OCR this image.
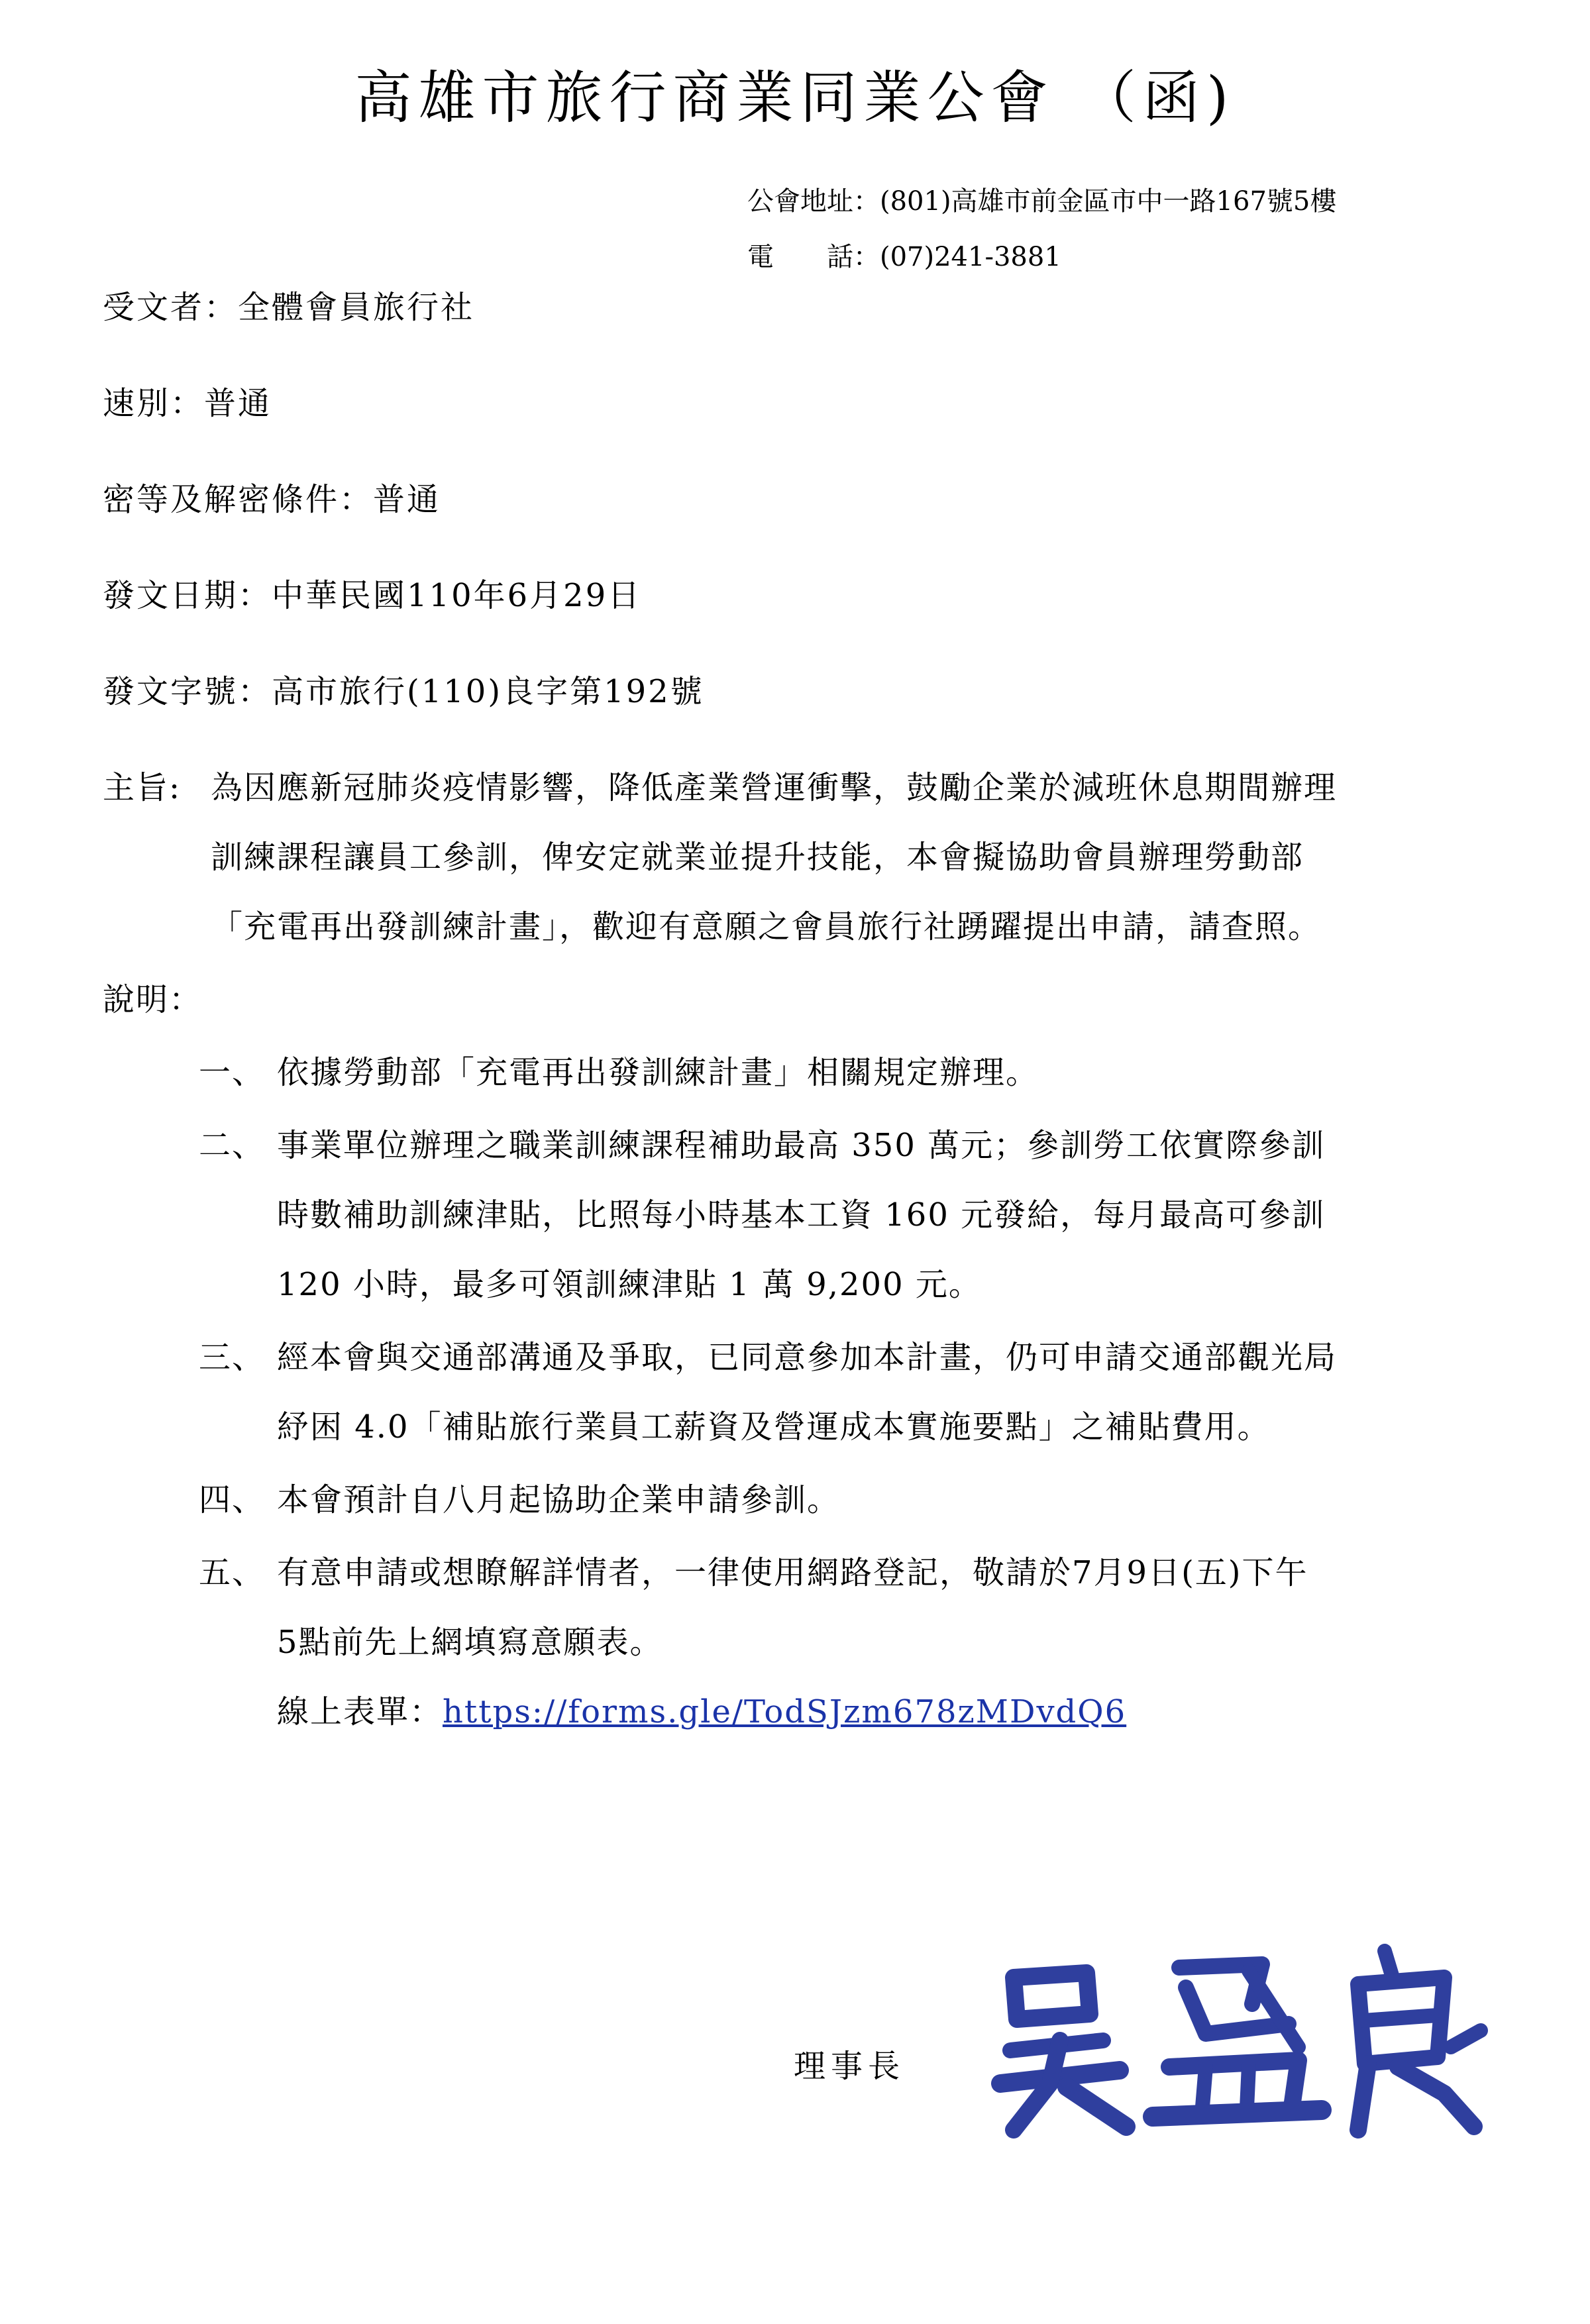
高雄市旅行商業同業公會 （函)
公會地址：(801)高雄市前金區市中一路167號5樓
電　　話：(07)241-3881
受文者：全體會員旅行社
速別：普通
密等及解密條件：普通
發文日期：中華民國110年6月29日
發文字號：高市旅行(110)良字第192號
主旨: 為因應新冠肺炎疫情影響，降低產業營運衝擊，鼓勵企業於減班休息期間辦理
訓練課程讓員工參訓，俾安定就業並提升技能，本會擬協助會員辦理勞動部
「充電再出發訓練計畫」，歡迎有意願之會員旅行社踴躍提出申請，請查照。
說明：
一、 依據勞動部「充電再出發訓練計畫」相關規定辦理。
二、 事業單位辦理之職業訓練課程補助最高 350 萬元；參訓勞工依實際參訓
時數補助訓練津貼，比照每小時基本工資 160 元發給，每月最高可參訓
120 小時，最多可領訓練津貼 1 萬 9,200 元。
三、 經本會與交通部溝通及爭取，已同意參加本計畫，仍可申請交通部觀光局
紓困 4.0「補貼旅行業員工薪資及營運成本實施要點」之補貼費用。
四、 本會預計自八月起協助企業申請參訓。
五、 有意申請或想瞭解詳情者，一律使用網路登記，敬請於7月9日(五)下午
5點前先上網填寫意願表。
線上表單：https://forms.gle/TodSJzm678zMDvdQ6
理事長
